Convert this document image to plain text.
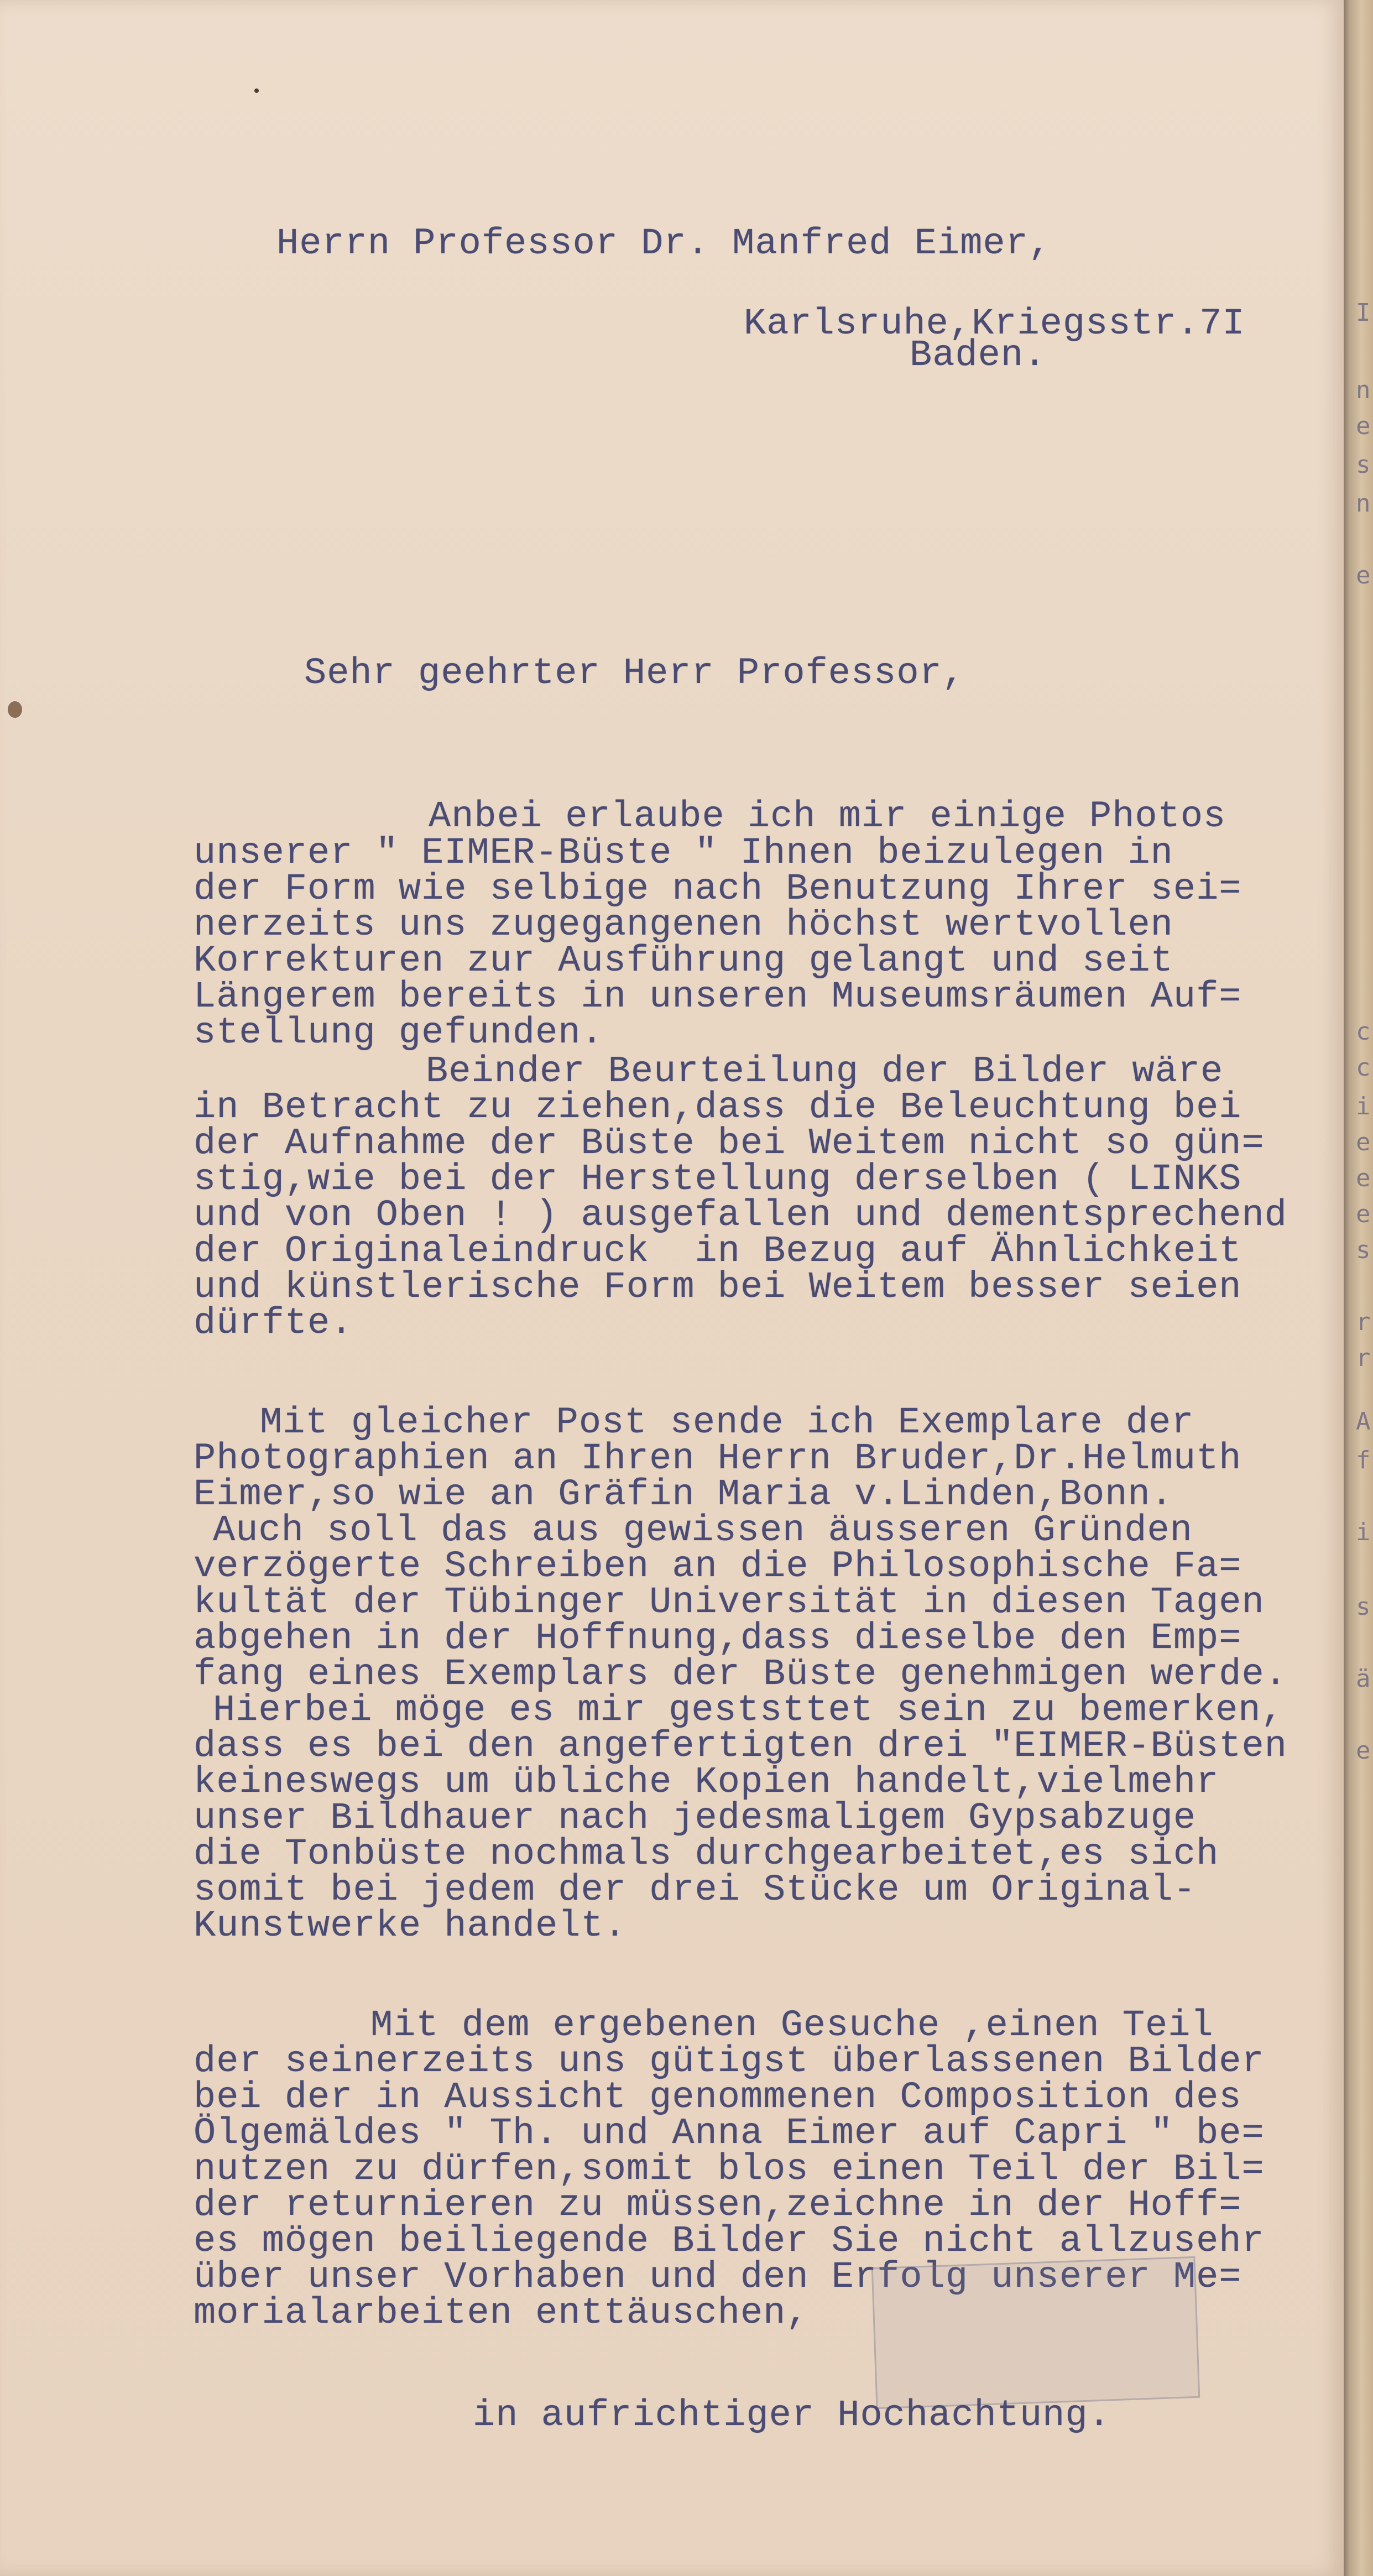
Herrn Professor Dr. Manfred Eimer,

Karlsruhe,Kriegsstr.7I

Baden.

Sehr geehrter Herr Professor,

Anbei erlaube ich mir einige Photos

unserer " EIMER-Büste " Ihnen beizulegen in

der Form wie selbige nach Benutzung Ihrer sei=

nerzeits uns zugegangenen höchst wertvollen

Korrekturen zur Ausführung gelangt und seit

Längerem bereits in unseren Museumsräumen Auf=

stellung gefunden.

Beinder Beurteilung der Bilder wäre

in Betracht zu ziehen,dass die Beleuchtung bei

der Aufnahme der Büste bei Weitem nicht so gün=

stig,wie bei der Herstellung derselben ( LINKS

und von Oben ! ) ausgefallen und dementsprechend

der Originaleindruck  in Bezug auf Ähnlichkeit

und künstlerische Form bei Weitem besser seien

dürfte.

Mit gleicher Post sende ich Exemplare der

Photographien an Ihren Herrn Bruder,Dr.Helmuth

Eimer,so wie an Gräfin Maria v.Linden,Bonn.

Auch soll das aus gewissen äusseren Gründen

verzögerte Schreiben an die Philosophische Fa=

kultät der Tübinger Universität in diesen Tagen

abgehen in der Hoffnung,dass dieselbe den Emp=

fang eines Exemplars der Büste genehmigen werde.

Hierbei möge es mir geststtet sein zu bemerken,

dass es bei den angefertigten drei "EIMER-Büsten

keineswegs um übliche Kopien handelt,vielmehr

unser Bildhauer nach jedesmaligem Gypsabzuge

die Tonbüste nochmals durchgearbeitet,es sich

somit bei jedem der drei Stücke um Original-

Kunstwerke handelt.

Mit dem ergebenen Gesuche ,einen Teil

der seinerzeits uns gütigst überlassenen Bilder

bei der in Aussicht genommenen Composition des

Ölgemäldes " Th. und Anna Eimer auf Capri " be=

nutzen zu dürfen,somit blos einen Teil der Bil=

der returnieren zu müssen,zeichne in der Hoff=

es mögen beiliegende Bilder Sie nicht allzusehr

über unser Vorhaben und den Erfolg unserer Me=

morialarbeiten enttäuschen,

in aufrichtiger Hochachtung.

I
n
e
s
n
e
c
c
i
e
e
e
s
r
r
A
f
i
s
ä
e
